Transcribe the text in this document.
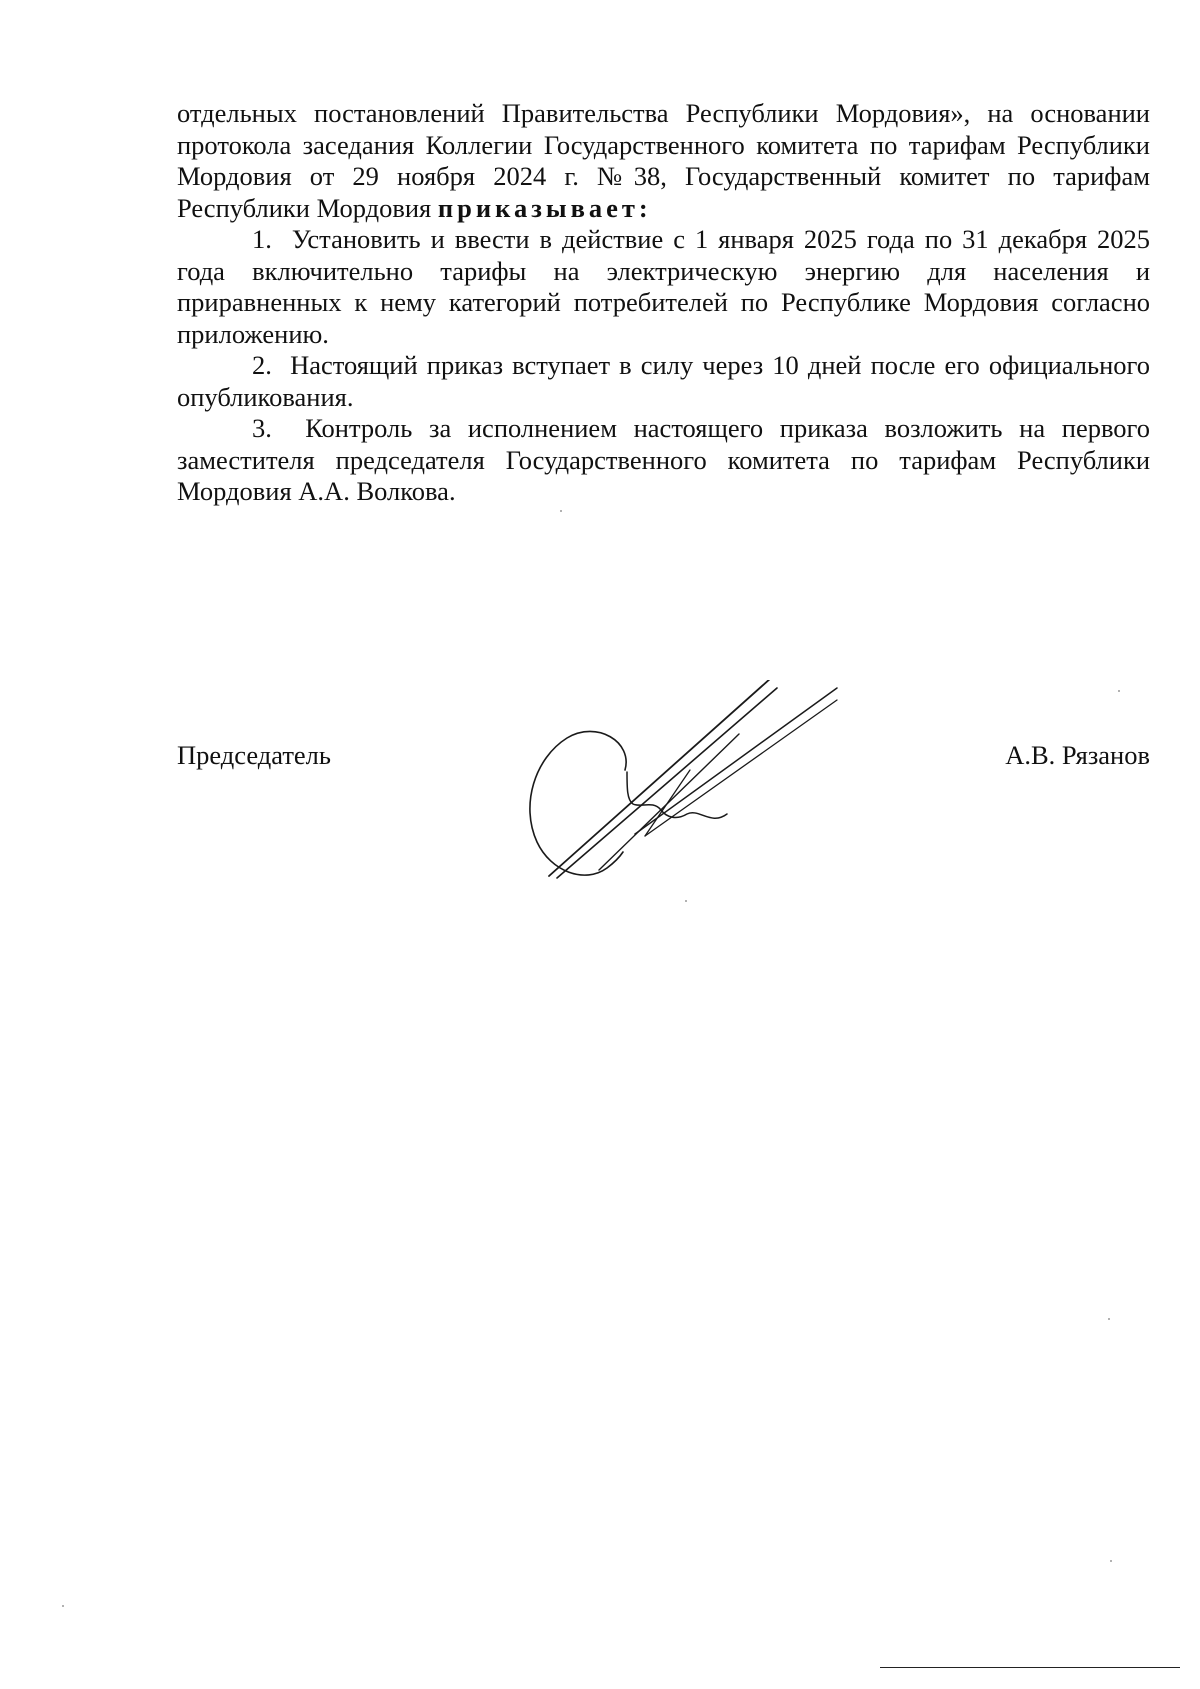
отдельных постановлений Правительства Республики Мордовия», на основании протокола заседания Коллегии Государственного комитета по тарифам Республики Мордовия от 29 ноября 2024 г. №38, Государственный комитет по тарифам Республики Мордовия приказывает:

1. Установить и ввести в действие с 1 января 2025 года по 31 декабря 2025 года включительно тарифы на электрическую энергию для населения и приравненных к нему категорий потребителей по Республике Мордовия согласно приложению.

2. Настоящий приказ вступает в силу через 10 дней после его официального опубликования.

3. Контроль за исполнением настоящего приказа возложить на первого заместителя председателя Государственного комитета по тарифам Республики Мордовия А.А. Волкова.

Председатель	А.В. Рязанов
